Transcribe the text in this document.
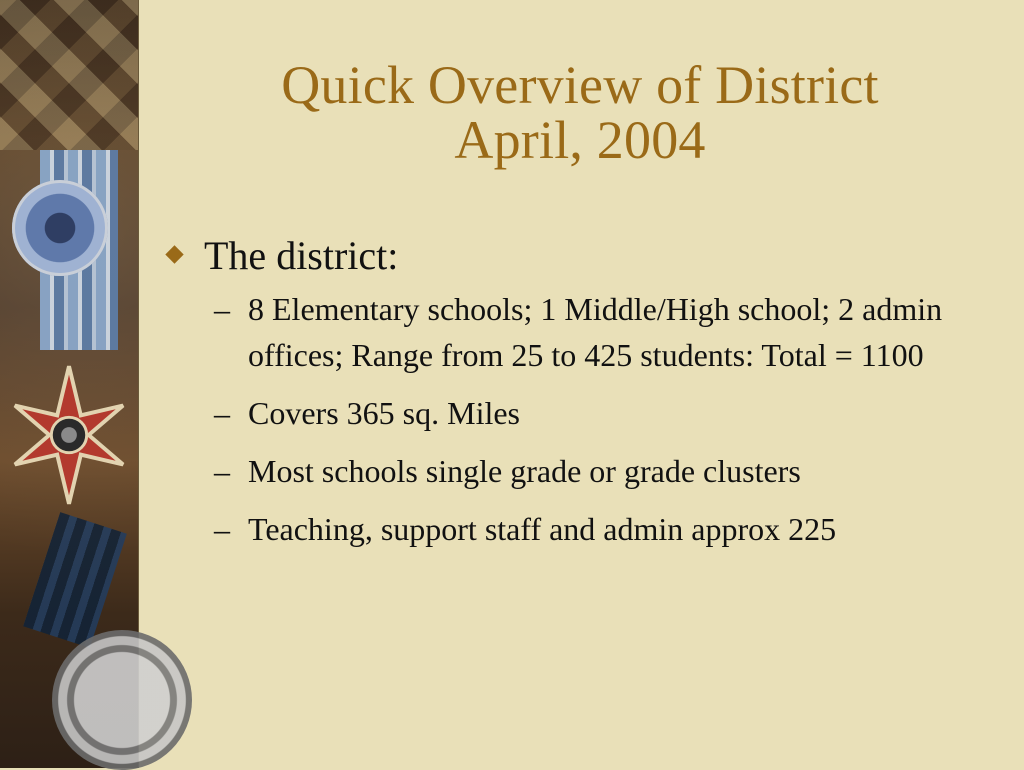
Quick Overview of District
April, 2004
The district:
– 8 Elementary schools; 1 Middle/High school; 2 admin offices; Range from 25 to 425 students: Total = 1100
– Covers 365 sq. Miles
– Most schools single grade or grade clusters
– Teaching, support staff and admin approx 225
